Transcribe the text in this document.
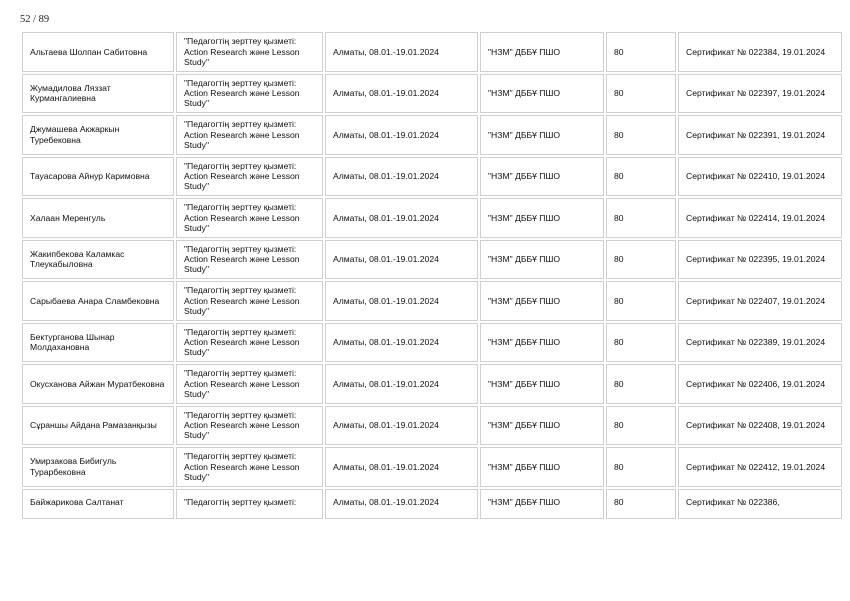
52 / 89
Альтаева Шолпан Сабитовна	"Педагогтің зерттеу қызметі: Action Research және Lesson Study"	Алматы, 08.01.-19.01.2024	"НЗМ" ДББҰ ПШО	80	Сертификат № 022384, 19.01.2024
Жумадилова Ляззат Курмангалиевна	"Педагогтің зерттеу қызметі: Action Research және Lesson Study"	Алматы, 08.01.-19.01.2024	"НЗМ" ДББҰ ПШО	80	Сертификат № 022397, 19.01.2024
Джумашева Акжаркын Туребековна	"Педагогтің зерттеу қызметі: Action Research және Lesson Study"	Алматы, 08.01.-19.01.2024	"НЗМ" ДББҰ ПШО	80	Сертификат № 022391, 19.01.2024
Тауасарова Айнур Каримовна	"Педагогтің зерттеу қызметі: Action Research және Lesson Study"	Алматы, 08.01.-19.01.2024	"НЗМ" ДББҰ ПШО	80	Сертификат № 022410, 19.01.2024
Халаан Меренгуль	"Педагогтің зерттеу қызметі: Action Research және Lesson Study"	Алматы, 08.01.-19.01.2024	"НЗМ" ДББҰ ПШО	80	Сертификат № 022414, 19.01.2024
Жакипбекова Каламкас Тлеукабыловна	"Педагогтің зерттеу қызметі: Action Research және Lesson Study"	Алматы, 08.01.-19.01.2024	"НЗМ" ДББҰ ПШО	80	Сертификат № 022395, 19.01.2024
Сарыбаева Анара Сламбековна	"Педагогтің зерттеу қызметі: Action Research және Lesson Study"	Алматы, 08.01.-19.01.2024	"НЗМ" ДББҰ ПШО	80	Сертификат № 022407, 19.01.2024
Бектурганова Шынар Молдахановна	"Педагогтің зерттеу қызметі: Action Research және Lesson Study"	Алматы, 08.01.-19.01.2024	"НЗМ" ДББҰ ПШО	80	Сертификат № 022389, 19.01.2024
Окусханова Айжан Муратбековна	"Педагогтің зерттеу қызметі: Action Research және Lesson Study"	Алматы, 08.01.-19.01.2024	"НЗМ" ДББҰ ПШО	80	Сертификат № 022406, 19.01.2024
Сұраншы Айдана Рамазанқызы	"Педагогтің зерттеу қызметі: Action Research және Lesson Study"	Алматы, 08.01.-19.01.2024	"НЗМ" ДББҰ ПШО	80	Сертификат № 022408, 19.01.2024
Умирзакова Бибигуль Турарбековна	"Педагогтің зерттеу қызметі: Action Research және Lesson Study"	Алматы, 08.01.-19.01.2024	"НЗМ" ДББҰ ПШО	80	Сертификат № 022412, 19.01.2024
Байжарикова Салтанат	"Педагогтің зерттеу қызметі:	Алматы, 08.01.-19.01.2024	"НЗМ" ДББҰ ПШО	80	Сертификат № 022386,
